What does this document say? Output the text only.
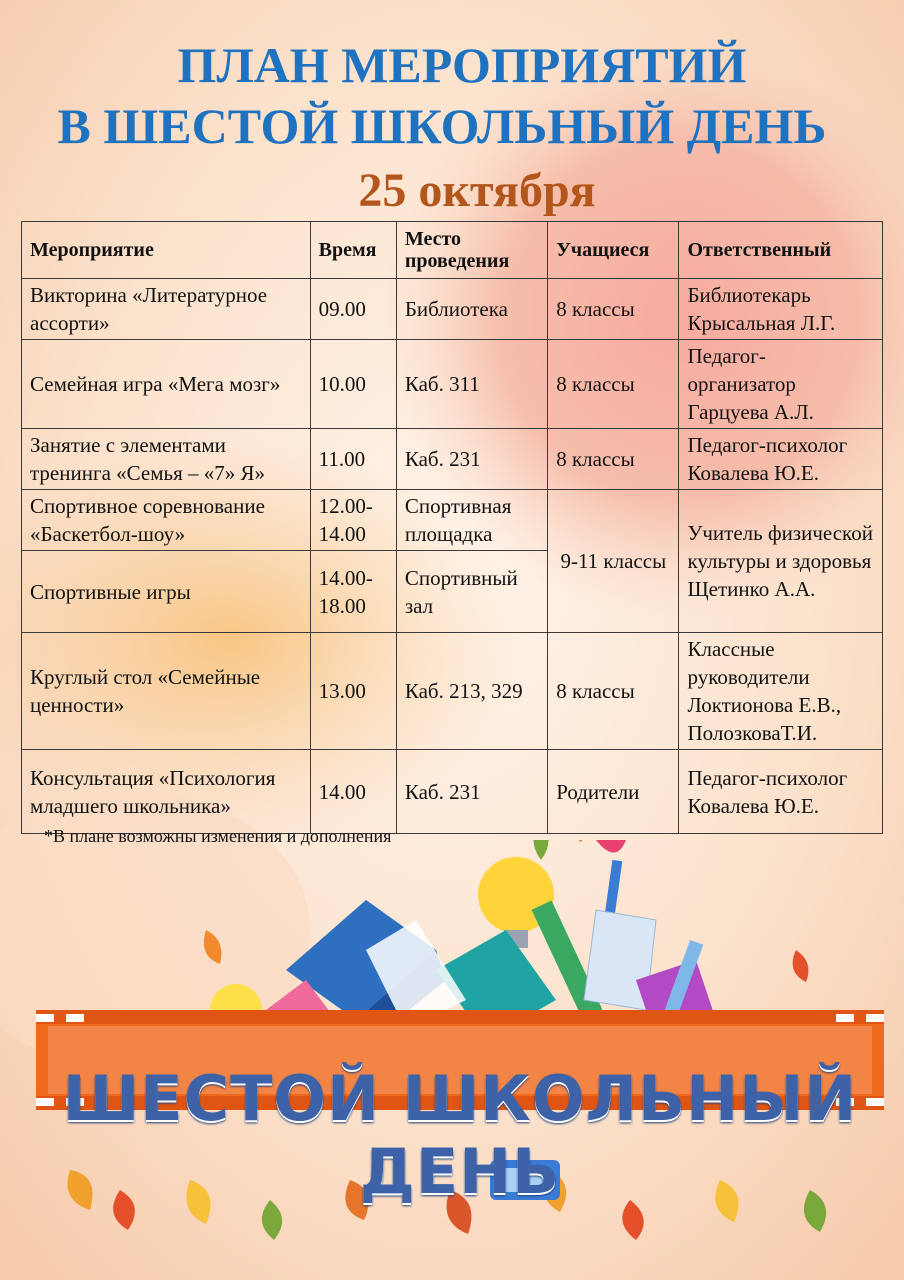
ПЛАН МЕРОПРИЯТИЙ
В ШЕСТОЙ ШКОЛЬНЫЙ ДЕНЬ
25 октября
Мероприятие	Время	Место проведения	Учащиеся	Ответственный
Викторина «Литературное ассорти»	09.00	Библиотека	8 классы	Библиотекарь Крысальная Л.Г.
Семейная игра «Мега мозг»	10.00	Каб. 311	8 классы	Педагог-организатор Гарцуева А.Л.
Занятие с элементами тренинга «Семья – «7» Я»	11.00	Каб. 231	8 классы	Педагог-психолог Ковалева Ю.Е.
Спортивное соревнование «Баскетбол-шоу»	12.00-14.00	Спортивная площадка	9-11 классы	Учитель физической культуры и здоровья Щетинко А.А.
Спортивные игры	14.00-18.00	Спортивный зал		
Круглый стол «Семейные ценности»	13.00	Каб. 213, 329	8 классы	Классные руководители Локтионова Е.В., ПолозковаТ.И.
Консультация «Психология младшего школьника»	14.00	Каб. 231	Родители	Педагог-психолог Ковалева Ю.Е.
*В плане возможны изменения и дополнения
ШЕСТОЙ ШКОЛЬНЫЙ ДЕНЬ
